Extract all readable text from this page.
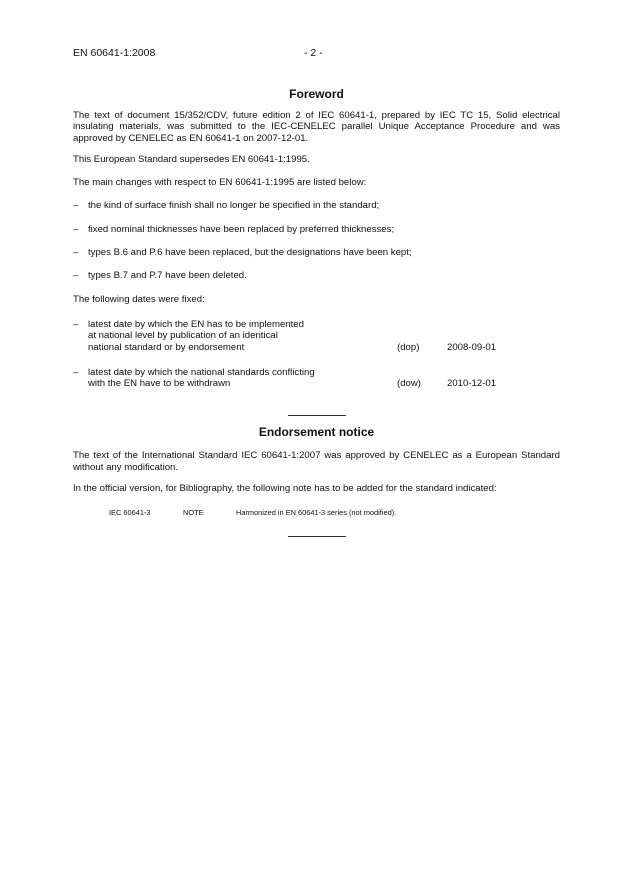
EN 60641-1:2008	- 2 -
Foreword

The text of document 15/352/CDV, future edition 2 of IEC 60641-1, prepared by IEC TC 15, Solid electrical insulating materials, was submitted to the IEC-CENELEC parallel Unique Acceptance Procedure and was approved by CENELEC as EN 60641-1 on 2007-12-01.

This European Standard supersedes EN 60641-1:1995.

The main changes with respect to EN 60641-1:1995 are listed below:

– the kind of surface finish shall no longer be specified in the standard;
– fixed nominal thicknesses have been replaced by preferred thicknesses;
– types B.6 and P.6 have been replaced, but the designations have been kept;
– types B.7 and P.7 have been deleted.

The following dates were fixed:

– latest date by which the EN has to be implemented
at national level by publication of an identical
national standard or by endorsement	(dop)	2008-09-01
– latest date by which the national standards conflicting
with the EN have to be withdrawn	(dow)	2010-12-01
Endorsement notice

The text of the International Standard IEC 60641-1:2007 was approved by CENELEC as a European Standard without any modification.

In the official version, for Bibliography, the following note has to be added for the standard indicated:

IEC 60641-3	NOTE	Harmonized in EN 60641-3 series (not modified).
